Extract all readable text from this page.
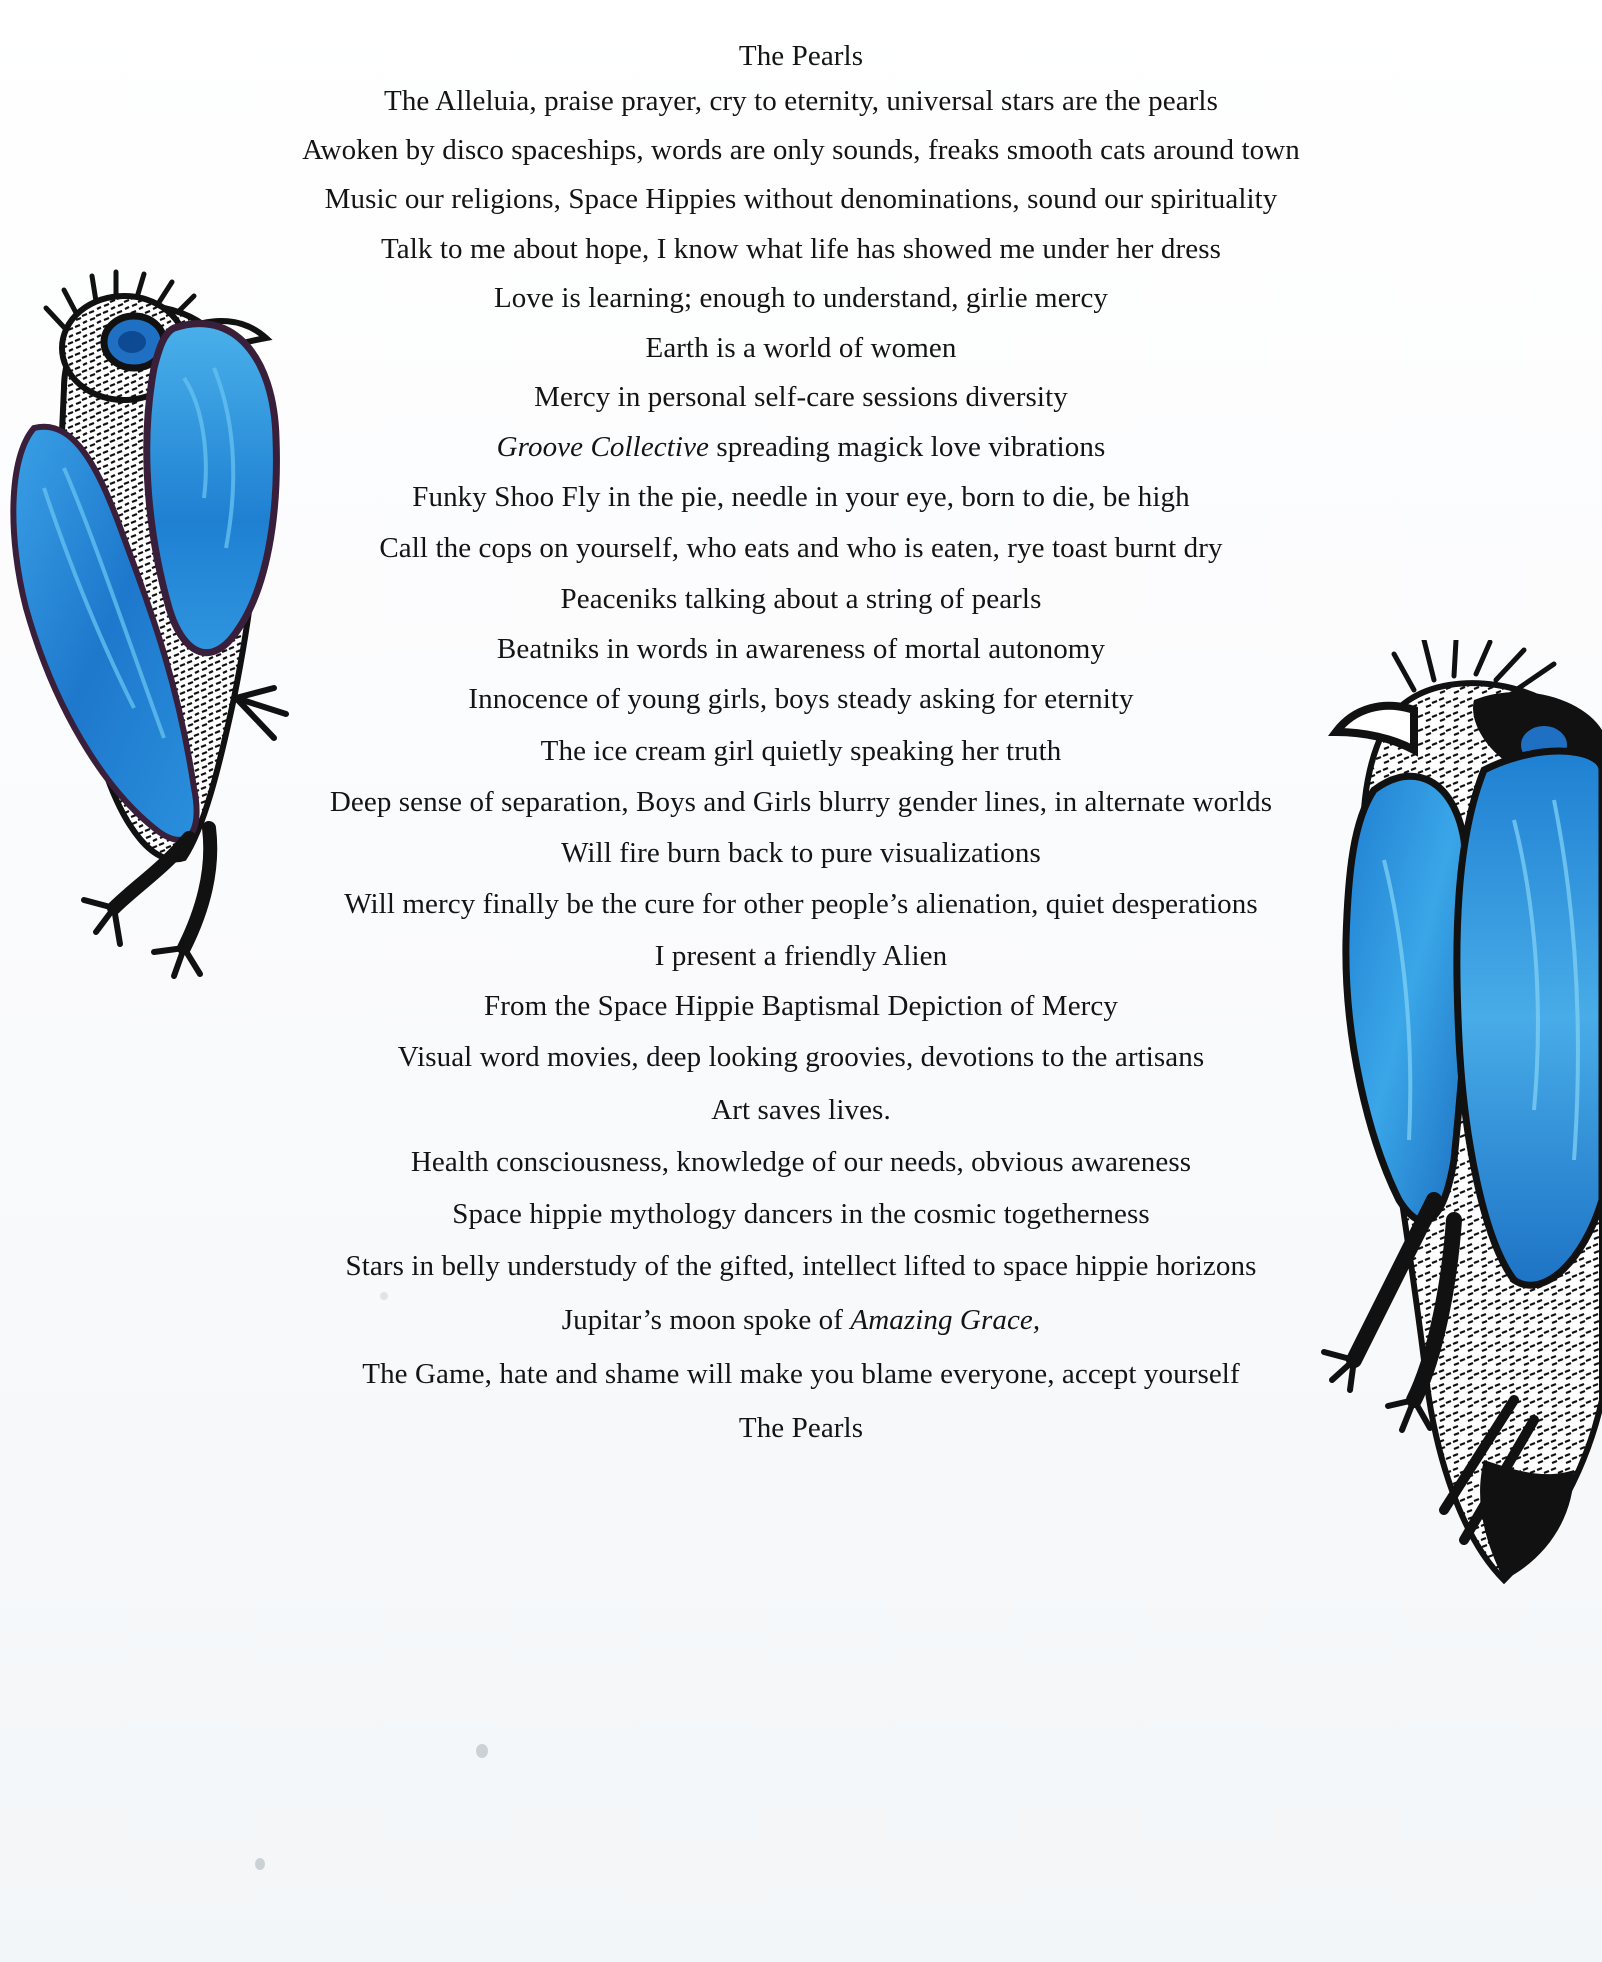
The Pearls
The Alleluia, praise prayer, cry to eternity, universal stars are the pearls
Awoken by disco spaceships, words are only sounds, freaks smooth cats around town
Music our religions, Space Hippies without denominations, sound our spirituality
Talk to me about hope, I know what life has showed me under her dress
Love is learning; enough to understand, girlie mercy
Earth is a world of women
Mercy in personal self-care sessions diversity
Groove Collective spreading magick love vibrations
Funky Shoo Fly in the pie, needle in your eye, born to die, be high
Call the cops on yourself, who eats and who is eaten, rye toast burnt dry
Peaceniks talking about a string of pearls
Beatniks in words in awareness of mortal autonomy
Innocence of young girls, boys steady asking for eternity
The ice cream girl quietly speaking her truth
Deep sense of separation, Boys and Girls blurry gender lines, in alternate worlds
Will fire burn back to pure visualizations
Will mercy finally be the cure for other people’s alienation, quiet desperations
I present a friendly Alien
From the Space Hippie Baptismal Depiction of Mercy
Visual word movies, deep looking groovies, devotions to the artisans
Art saves lives.
Health consciousness, knowledge of our needs, obvious awareness
Space hippie mythology dancers in the cosmic togetherness
Stars in belly understudy of the gifted, intellect lifted to space hippie horizons
Jupitar’s moon spoke of Amazing Grace,
The Game, hate and shame will make you blame everyone, accept yourself
The Pearls
